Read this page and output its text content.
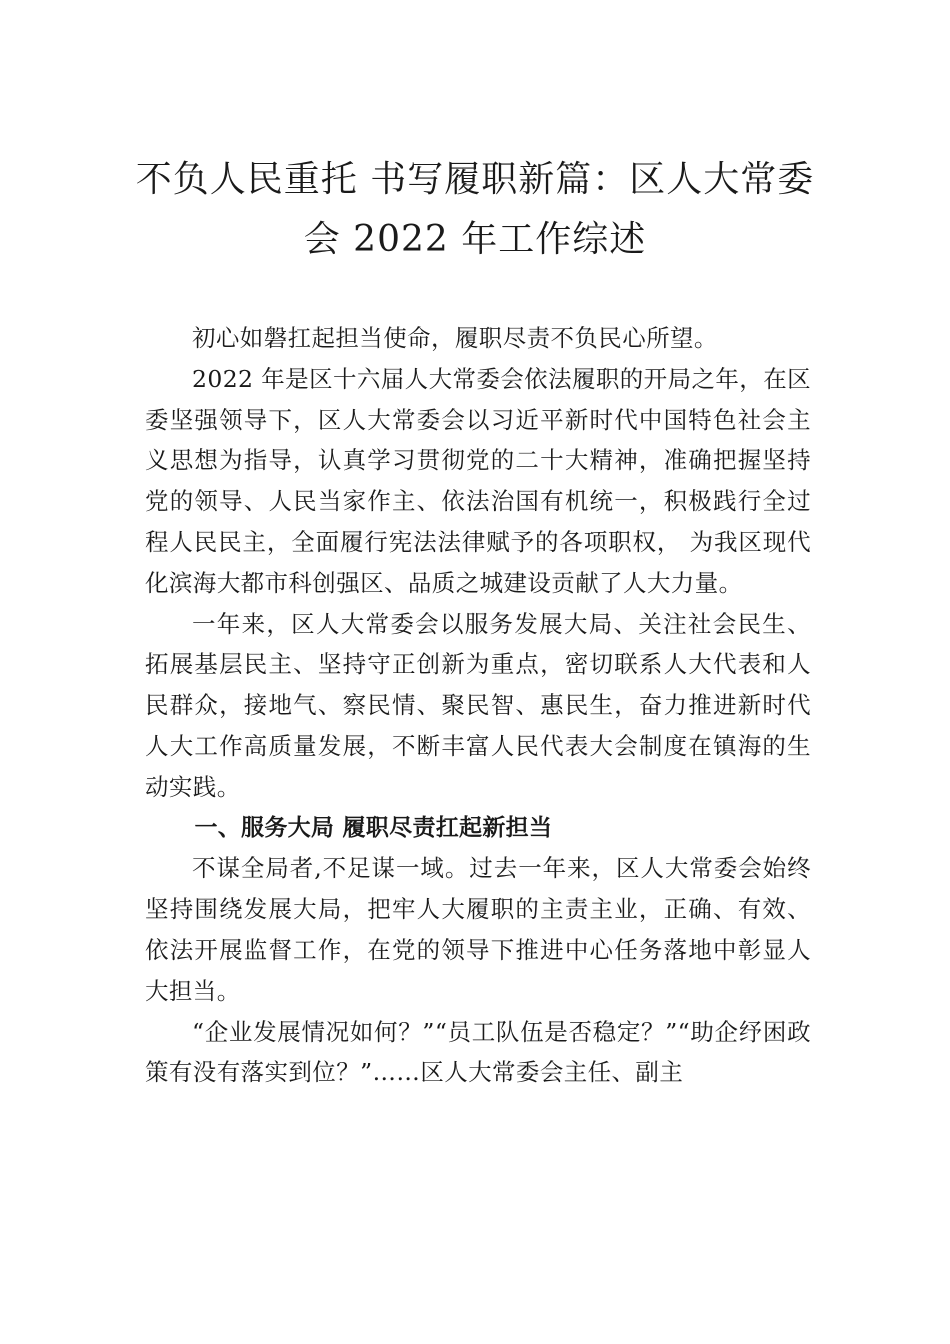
不负人民重托 书写履职新篇：区人大常委
会 2022 年工作综述

初心如磐扛起担当使命，履职尽责不负民心所望。

2022 年是区十六届人大常委会依法履职的开局之年，在区委坚强领导下，区人大常委会以习近平新时代中国特色社会主义思想为指导，认真学习贯彻党的二十大精神，准确把握坚持党的领导、人民当家作主、依法治国有机统一，积极践行全过程人民民主，全面履行宪法法律赋予的各项职权， 为我区现代化滨海大都市科创强区、品质之城建设贡献了人大力量。

一年来，区人大常委会以服务发展大局、关注社会民生、拓展基层民主、坚持守正创新为重点，密切联系人大代表和人民群众，接地气、察民情、聚民智、惠民生，奋力推进新时代人大工作高质量发展，不断丰富人民代表大会制度在镇海的生动实践。

一、服务大局 履职尽责扛起新担当

不谋全局者,不足谋一域。过去一年来，区人大常委会始终坚持围绕发展大局，把牢人大履职的主责主业，正确、有效、依法开展监督工作，在党的领导下推进中心任务落地中彰显人大担当。

“企业发展情况如何？”“员工队伍是否稳定？”“助企纾困政策有没有落实到位？”……区人大常委会主任、副主
